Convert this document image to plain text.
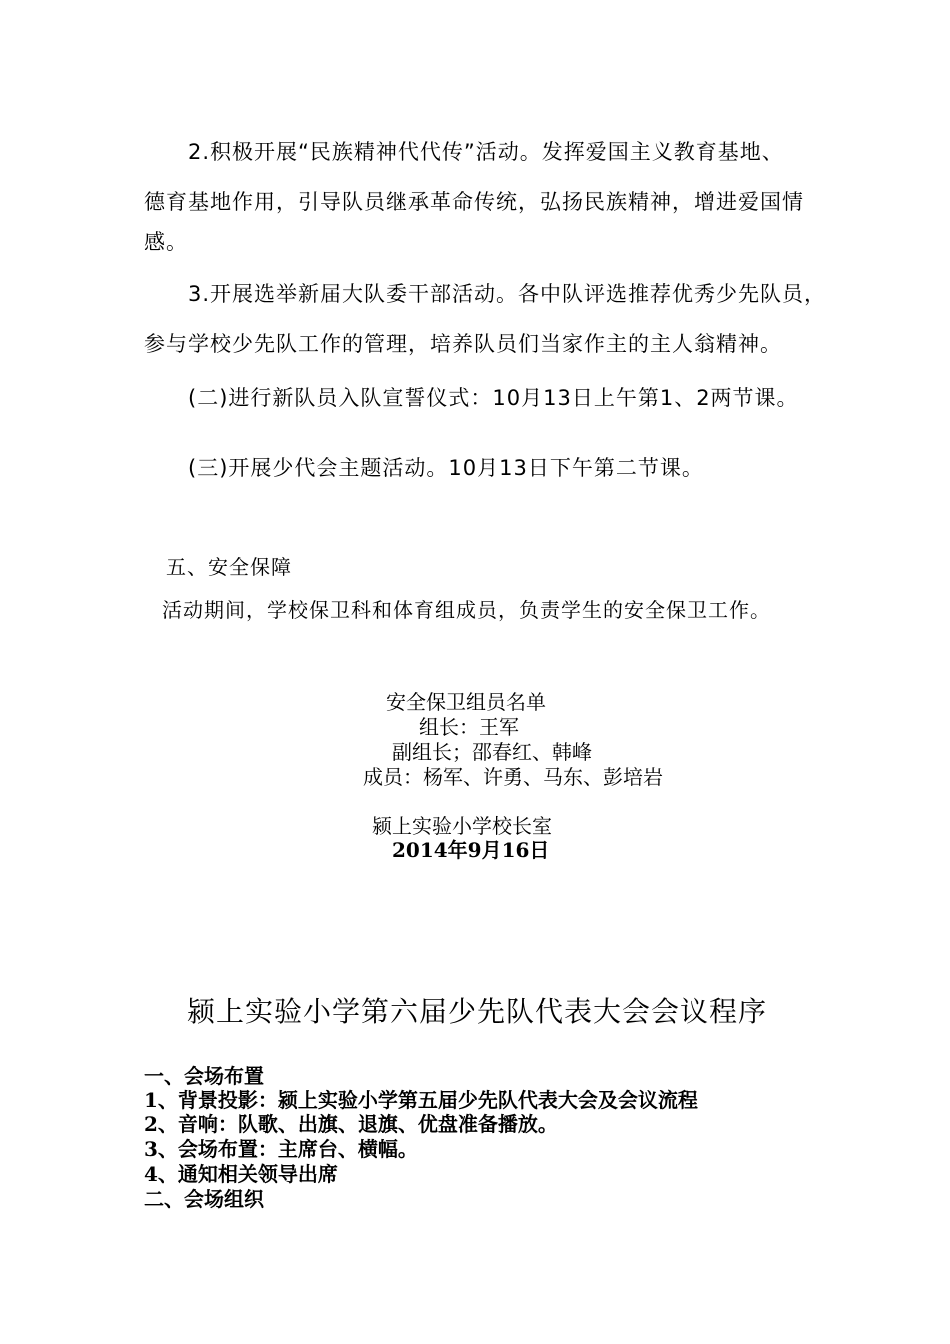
2.积极开展“民族精神代代传”活动。发挥爱国主义教育基地、

德育基地作用，引导队员继承革命传统，弘扬民族精神，增进爱国情

感。

3.开展选举新届大队委干部活动。各中队评选推荐优秀少先队员，

参与学校少先队工作的管理，培养队员们当家作主的主人翁精神。

(二)进行新队员入队宣誓仪式：10月13日上午第1、2两节课。

(三)开展少代会主题活动。10月13日下午第二节课。

五、安全保障

活动期间，学校保卫科和体育组成员，负责学生的安全保卫工作。

安全保卫组员名单

组长：王军

副组长；邵春红、韩峰

成员：杨军、许勇、马东、彭培岩

颍上实验小学校长室

2014年9月16日

颍上实验小学第六届少先队代表大会会议程序

一、会场布置

1、背景投影：颍上实验小学第五届少先队代表大会及会议流程

2、音响：队歌、出旗、退旗、优盘准备播放。

3、会场布置：主席台、横幅。

4、通知相关领导出席

二、会场组织
